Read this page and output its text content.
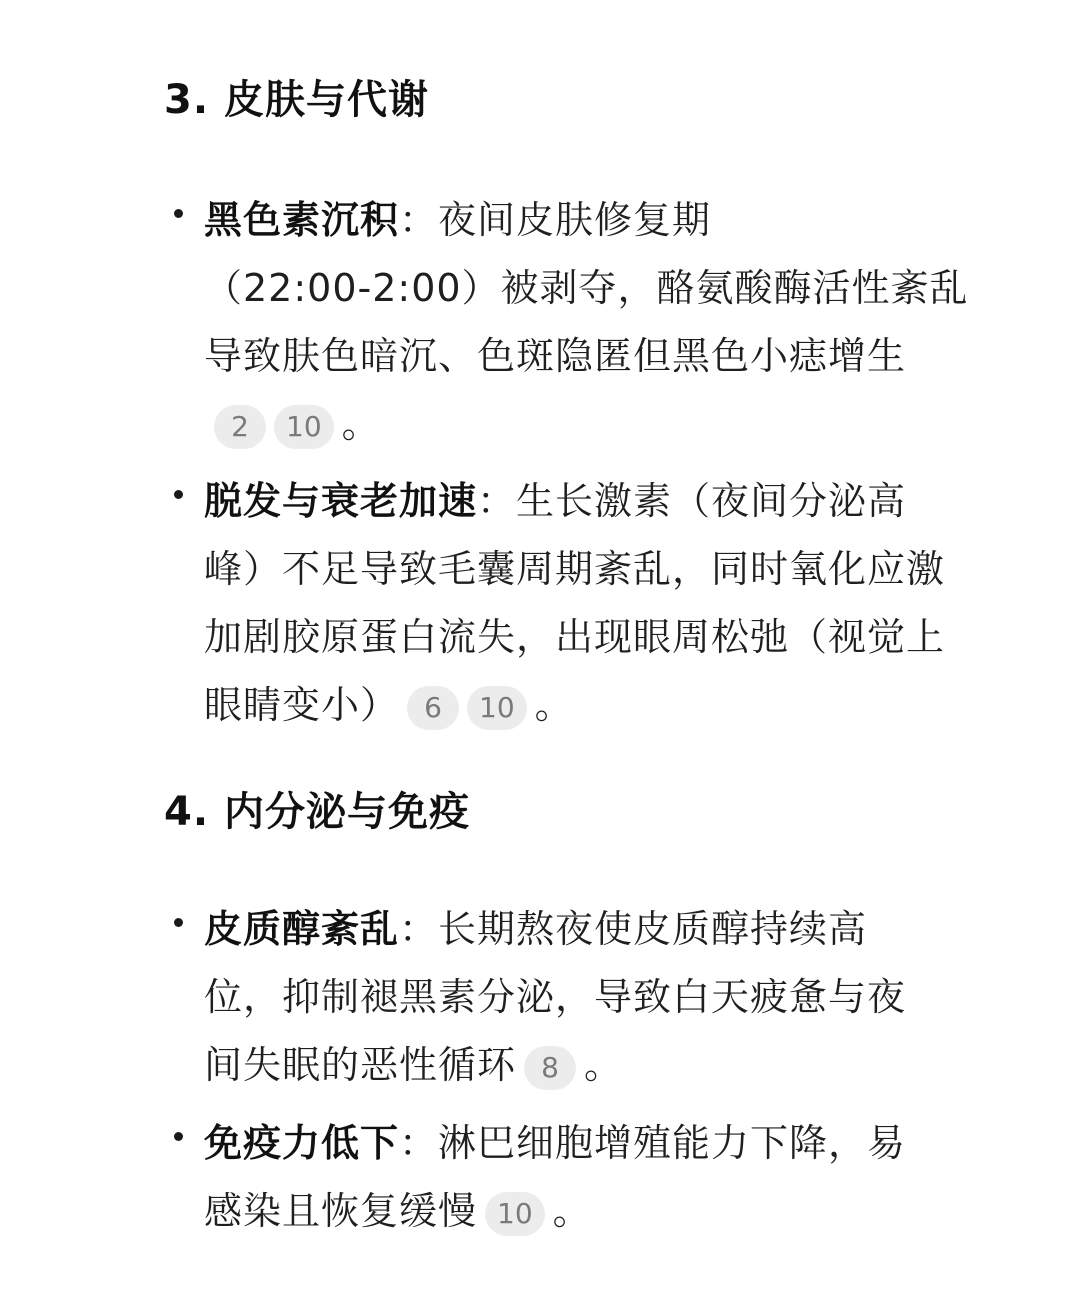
3. 皮肤与代谢
黑色素沉积：夜间皮肤修复期
（22:00-2:00）被剥夺，酪氨酸酶活性紊乱
导致肤色暗沉、色斑隐匿但黑色小痣增生
2 10 。
脱发与衰老加速：生长激素（夜间分泌高
峰）不足导致毛囊周期紊乱，同时氧化应激
加剧胶原蛋白流失，出现眼周松弛（视觉上
眼睛变小） 6 10 。
4. 内分泌与免疫
皮质醇紊乱：长期熬夜使皮质醇持续高
位，抑制褪黑素分泌，导致白天疲惫与夜
间失眠的恶性循环 8 。
免疫力低下：淋巴细胞增殖能力下降，易
感染且恢复缓慢 10 。
